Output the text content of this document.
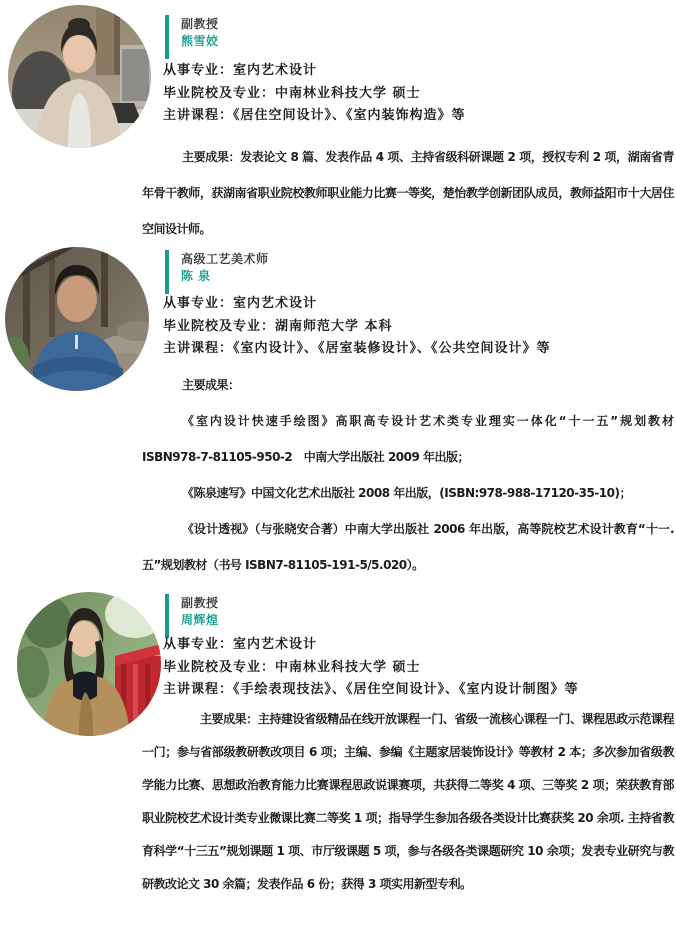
副教授
熊雪姣
从事专业：室内艺术设计
毕业院校及专业：中南林业科技大学 硕士
主讲课程：《居住空间设计》、《室内装饰构造》等

主要成果：发表论文 8 篇、发表作品 4 项、主持省级科研课题 2 项，授权专利 2 项，湖南省青年骨干教师，获湖南省职业院校教师职业能力比赛一等奖，楚怡教学创新团队成员，教师益阳市十大居住空间设计师。

高级工艺美术师
陈 泉
从事专业：室内艺术设计
毕业院校及专业：湖南师范大学 本科
主讲课程：《室内设计》、《居室装修设计》、《公共空间设计》等

主要成果：

《室内设计快速手绘图》高职高专设计艺术类专业理实一体化“十一五”规划教材

ISBN978-7-81105-950-2　中南大学出版社 2009 年出版；

《陈泉速写》中国文化艺术出版社 2008 年出版，(ISBN:978-988-17120-35-10)；

《设计透视》（与张晓安合著）中南大学出版社 2006 年出版，高等院校艺术设计教育“十一.五”规划教材（书号 ISBN7-81105-191-5/5.020）。

副教授
周辉煌
从事专业：室内艺术设计
毕业院校及专业：中南林业科技大学 硕士
主讲课程：《手绘表现技法》、《居住空间设计》、《室内设计制图》等

主要成果：主持建设省级精品在线开放课程一门、省级一流核心课程一门、课程思政示范课程一门；参与省部级教研教改项目 6 项；主编、参编《主题家居装饰设计》等教材 2 本；多次参加省级教学能力比赛、思想政治教育能力比赛课程思政说课赛项，共获得二等奖 4 项、三等奖 2 项；荣获教育部职业院校艺术设计类专业微课比赛二等奖 1 项；指导学生参加各级各类设计比赛获奖 20 余项. 主持省教育科学“十三五”规划课题 1 项、市厅级课题 5 项，参与各级各类课题研究 10 余项；发表专业研究与教研教改论文 30 余篇；发表作品 6 份；获得 3 项实用新型专利。
